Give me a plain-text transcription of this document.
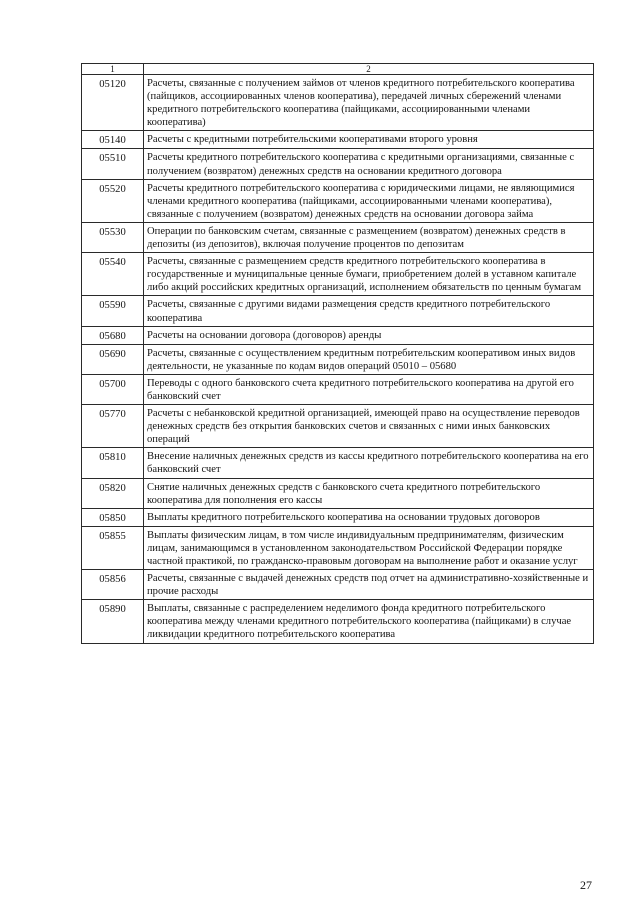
1	2
05120	Расчеты, связанные с получением займов от членов кредитного потребительского кооператива (пайщиков, ассоциированных членов кооператива), передачей личных сбережений членами кредитного потребительского кооператива (пайщиками, ассоциированными членами кооператива)
05140	Расчеты с кредитными потребительскими кооперативами второго уровня
05510	Расчеты кредитного потребительского кооператива с кредитными организациями, связанные с получением (возвратом) денежных средств на основании кредитного договора
05520	Расчеты кредитного потребительского кооператива с юридическими лицами, не являющимися членами кредитного кооператива (пайщиками, ассоциированными членами кооператива), связанные с получением (возвратом) денежных средств на основании договора займа
05530	Операции по банковским счетам, связанные с размещением (возвратом) денежных средств в депозиты (из депозитов), включая получение процентов по депозитам
05540	Расчеты, связанные с размещением средств кредитного потребительского кооператива в государственные и муниципальные ценные бумаги, приобретением долей в уставном капитале либо акций российских кредитных организаций, исполнением обязательств по ценным бумагам
05590	Расчеты, связанные с другими видами размещения средств кредитного потребительского кооператива
05680	Расчеты на основании договора (договоров) аренды
05690	Расчеты, связанные с осуществлением кредитным потребительским кооперативом иных видов деятельности, не указанные по кодам видов операций 05010 – 05680
05700	Переводы с одного банковского счета кредитного потребительского кооператива на другой его банковский счет
05770	Расчеты с небанковской кредитной организацией, имеющей право на осуществление переводов денежных средств без открытия банковских счетов и связанных с ними иных банковских операций
05810	Внесение наличных денежных средств из кассы кредитного потребительского кооператива на его банковский счет
05820	Снятие наличных денежных средств с банковского счета кредитного потребительского кооператива для пополнения его кассы
05850	Выплаты кредитного потребительского кооператива на основании трудовых договоров
05855	Выплаты физическим лицам, в том числе индивидуальным предпринимателям, физическим лицам, занимающимся в установленном законодательством Российской Федерации порядке частной практикой, по гражданско-правовым договорам на выполнение работ и оказание услуг
05856	Расчеты, связанные с выдачей денежных средств под отчет на административно-хозяйственные и прочие расходы
05890	Выплаты, связанные с распределением неделимого фонда кредитного потребительского кооператива между членами кредитного потребительского кооператива (пайщиками) в случае ликвидации кредитного потребительского кооператива
27
